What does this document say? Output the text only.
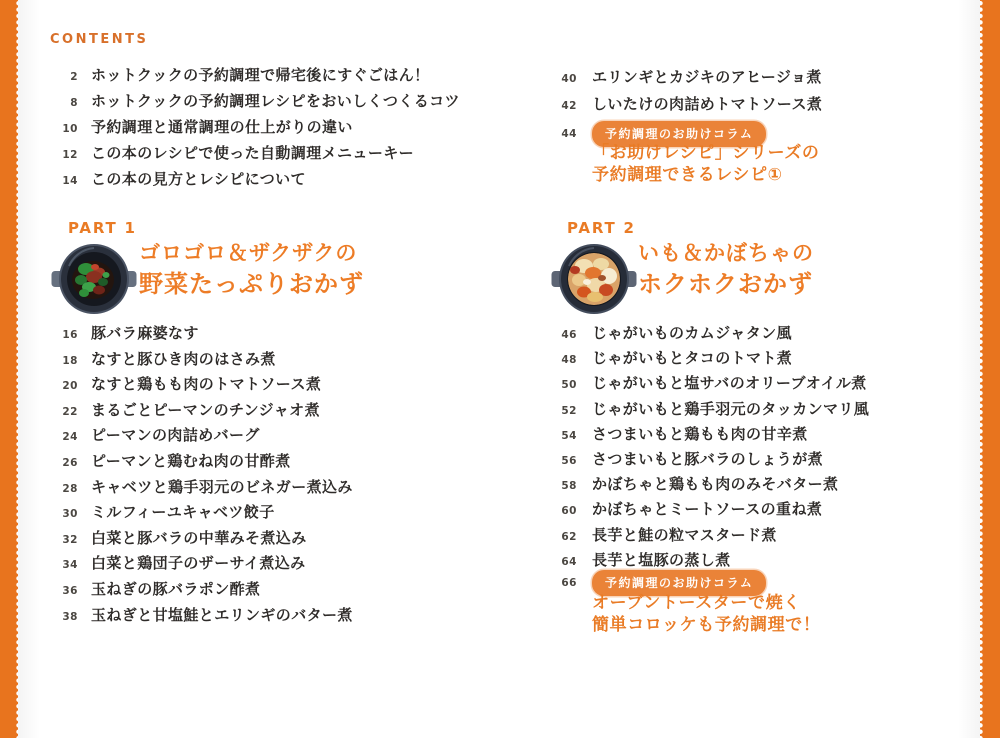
CONTENTS
2 ホットクックの予約調理で帰宅後にすぐごはん！
8 ホットクックの予約調理レシピをおいしくつくるコツ
10 予約調理と通常調理の仕上がりの違い
12 この本のレシピで使った自動調理メニューキー
14 この本の見方とレシピについて
PART 1
ゴロゴロ＆ザクザクの
野菜たっぷりおかず
16 豚バラ麻婆なす
18 なすと豚ひき肉のはさみ煮
20 なすと鶏もも肉のトマトソース煮
22 まるごとピーマンのチンジャオ煮
24 ピーマンの肉詰めバーグ
26 ピーマンと鶏むね肉の甘酢煮
28 キャベツと鶏手羽元のビネガー煮込み
30 ミルフィーユキャベツ餃子
32 白菜と豚バラの中華みそ煮込み
34 白菜と鶏団子のザーサイ煮込み
36 玉ねぎの豚バラポン酢煮
38 玉ねぎと甘塩鮭とエリンギのバター煮
40 エリンギとカジキのアヒージョ煮
42 しいたけの肉詰めトマトソース煮
44	予約調理のお助けコラム
「お助けレシピ」シリーズの
予約調理できるレシピ①
PART 2
いも＆かぼちゃの
ホクホクおかず
46 じゃがいものカムジャタン風
48 じゃがいもとタコのトマト煮
50 じゃがいもと塩サバのオリーブオイル煮
52 じゃがいもと鶏手羽元のタッカンマリ風
54 さつまいもと鶏もも肉の甘辛煮
56 さつまいもと豚バラのしょうが煮
58 かぼちゃと鶏もも肉のみそバター煮
60 かぼちゃとミートソースの重ね煮
62 長芋と鮭の粒マスタード煮
64 長芋と塩豚の蒸し煮
66	予約調理のお助けコラム
オーブントースターで焼く
簡単コロッケも予約調理で！
